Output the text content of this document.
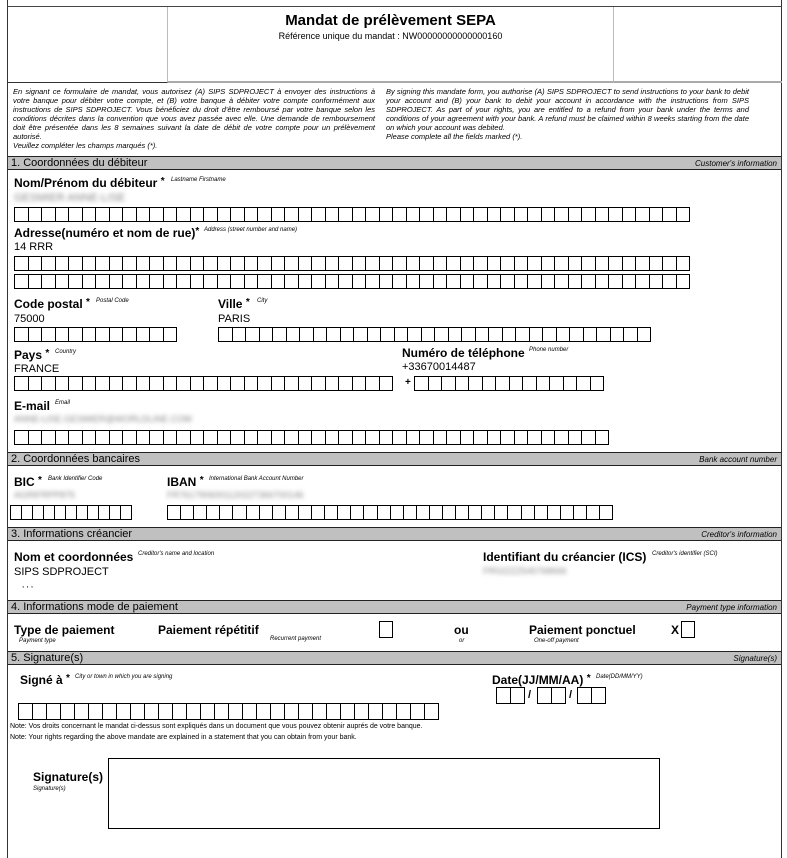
Mandat de prélèvement SEPA
Référence unique du mandat : NW00000000000000160
En signant ce formulaire de mandat, vous autorisez (A) SIPS SDPROJECT à envoyer des instructions à votre banque pour débiter votre compte, et (B) votre banque à débiter votre compte conformément aux instructions de SIPS SDPROJECT. Vous bénéficiez du droit d'être remboursé par votre banque selon les conditions décrites dans la convention que vous avez passée avec elle. Une demande de remboursement doit être présentée dans les 8 semaines suivant la date de débit de votre compte pour un prélèvement autorisé.
Veuillez compléter les champs marqués (*).
By signing this mandate form, you authorise (A) SIPS SDPROJECT to send instructions to your bank to debit your account and (B) your bank to debit your account in accordance with the instructions from SIPS SDPROJECT. As part of your rights, you are entitled to a refund from your bank under the terms and conditions of your agreement with your bank. A refund must be claimed within 8 weeks starting from the date on which your account was debited.
Please complete all the fields marked (*).
1. Coordonnées du débiteur	Customer's information
Nom/Prénom du débiteur * Lastname Firstname
GESMIER ANNE-LISE
Adresse(numéro et nom de rue)* Address (street number and name)
14 RRR
Code postal * Postal Code
75000
Ville * City
PARIS
Pays * Country
FRANCE
Numéro de téléphone Phone number
+33670014487
+
E-mail Email
ANNE-LISE.GESMIER@WORLDLINE.COM
2. Coordonnées bancaires	Bank account number
BIC * Bank Identifier Code
AGRIFRPP875
IBAN * International Bank Account Number
FR7617906001120227366700146
3. Informations créancier	Creditor's information
Nom et coordonnées Creditor's name and location
SIPS SDPROJECT
, , ,
Identifiant du créancier (ICS) Creditor's identifier (SCI)
FR02ZZZ545768666
4. Informations mode de paiement	Payment type information
Type de paiement
Payment type
Paiement répétitif
Recurrent payment
ou
or
Paiement ponctuel
One-off payment
X
5. Signature(s)	Signature(s)
Signé à * City or town in which you are signing	Date(JJ/MM/AA) * Date(DD/MM/YY)
/	/
Note: Vos droits concernant le mandat ci-dessus sont expliqués dans un document que vous pouvez obtenir auprés de votre banque.
Note: Your rights regarding the above mandate are explained in a statement that you can obtain from your bank.
Signature(s)
Signature(s)
